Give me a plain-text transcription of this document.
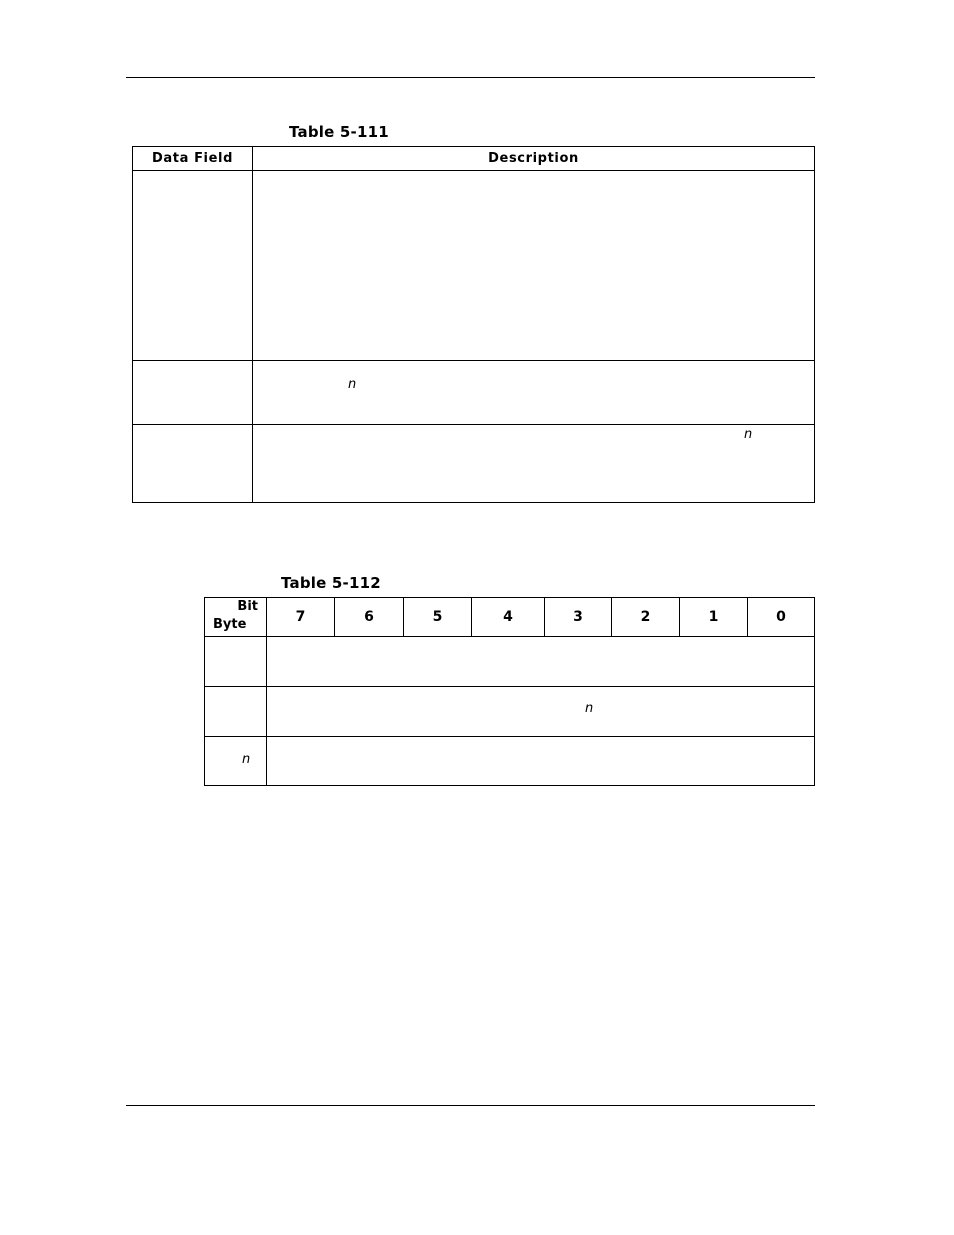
Table 5-111
Data Field	Description

	n

	n
Table 5-112
Bit
Byte	7	6	5	4	3	2	1	0

	n							

n								
